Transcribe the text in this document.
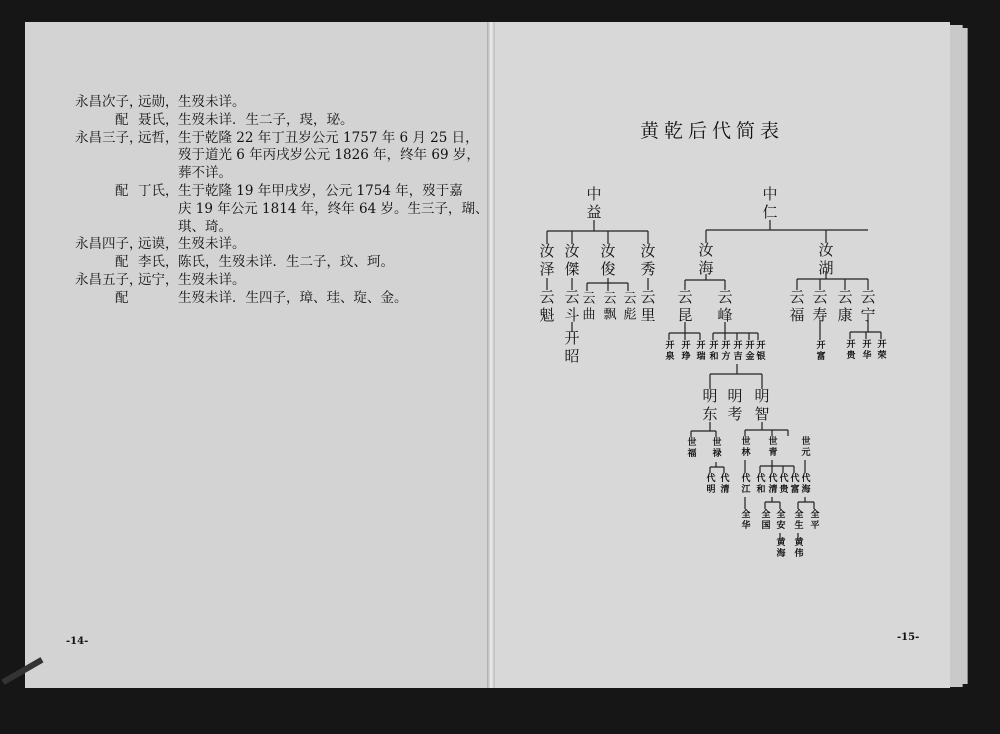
永昌次子，
远勋， 生歿未详。
配 聂氏， 生歿未详．生二子，琝，珌。
永昌三子，
远哲， 生于乾隆 22 年丁丑岁公元 1757 年 6 月 25 日，
歿于道光 6 年丙戌岁公元 1826 年，终年 69 岁，
葬不详。
配 丁氏， 生于乾隆 19 年甲戌岁，公元 1754 年，歿于嘉
庆 19 年公元 1814 年，终年 64 岁。生三子，瑚、
琪、琦。
永昌四子，
远谟， 生歿未详。
配 李氏， 陈氏，生歿未详．生二子，玟、珂。
永昌五子，
远宁， 生歿未详。
配	生歿未详．生四子，璋、珪、琁、金。
-14-
黄乾后代简表
-15-
中益	中仁
汝泽 汝傑 汝俊 汝秀	汝海	汝湖
云魁 云斗
开昭
云曲 云飘 云彪 云里 云昆 云峰
开泉 开琤 开瑞 开和 开方 开吉 开金 开银
云福 云寿 云康 云宁
开富 开贵 开华 开荣
明东 明考 明智
世福 世禄
代明 代清
世林 世青	世元
代江
全华
代和 代清 代贵 代富 代海
全国 全安
黄海
全生 全平
黄伟
